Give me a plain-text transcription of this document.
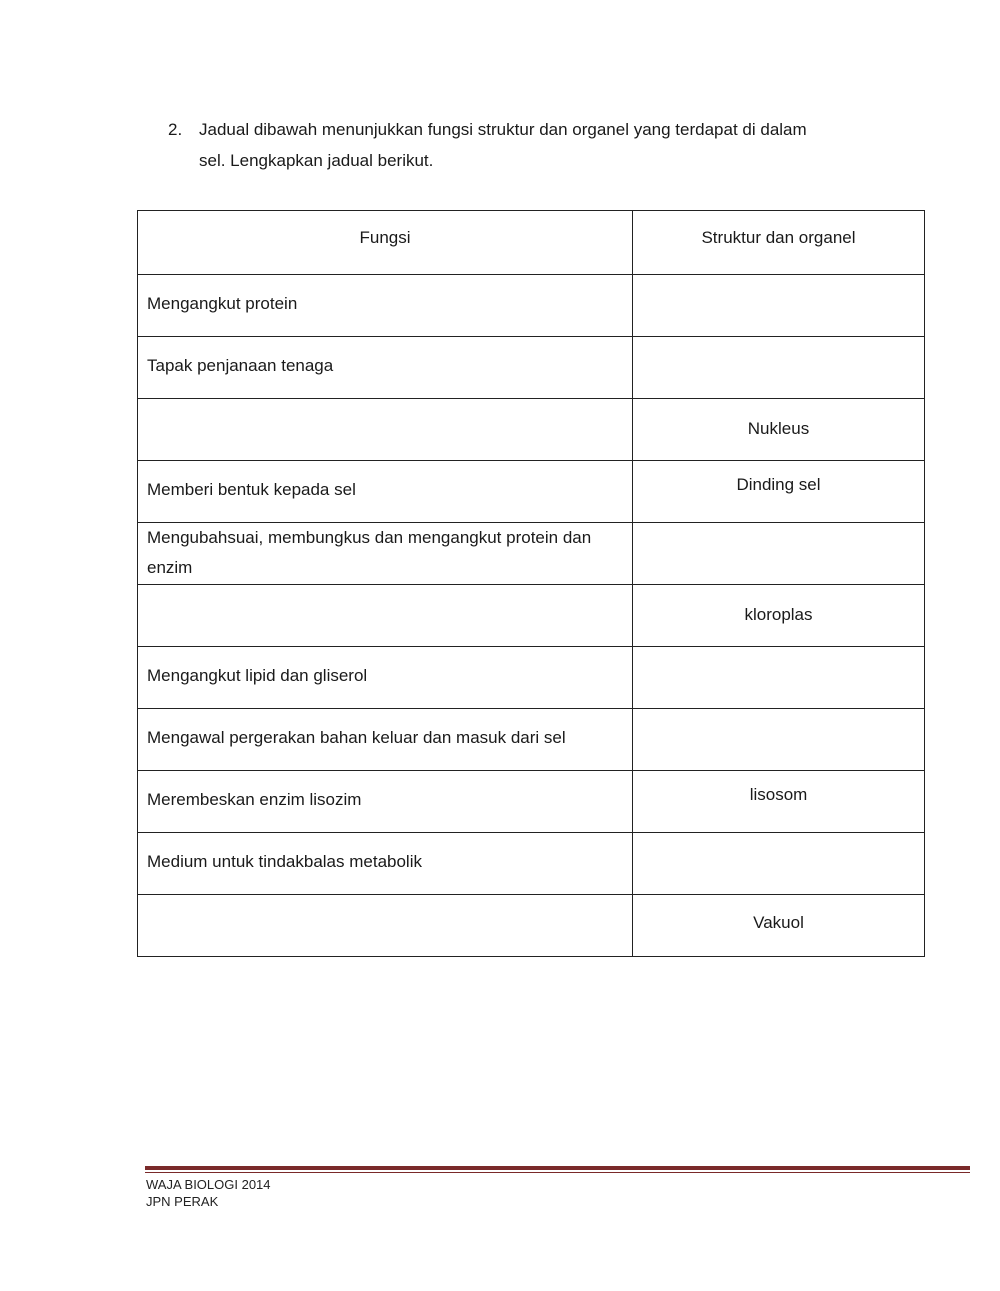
2. Jadual dibawah menunjukkan fungsi struktur dan organel yang terdapat di dalam sel. Lengkapkan jadual berikut.
Fungsi	Struktur dan organel
Mengangkut protein	
Tapak penjanaan tenaga	
	Nukleus
Memberi bentuk kepada sel	Dinding sel
Mengubahsuai, membungkus dan mengangkut protein dan enzim	
	kloroplas
Mengangkut lipid dan gliserol	
Mengawal pergerakan bahan keluar dan masuk dari sel	
Merembeskan enzim lisozim	lisosom
Medium untuk tindakbalas metabolik	
	Vakuol
WAJA BIOLOGI 2014
JPN PERAK
